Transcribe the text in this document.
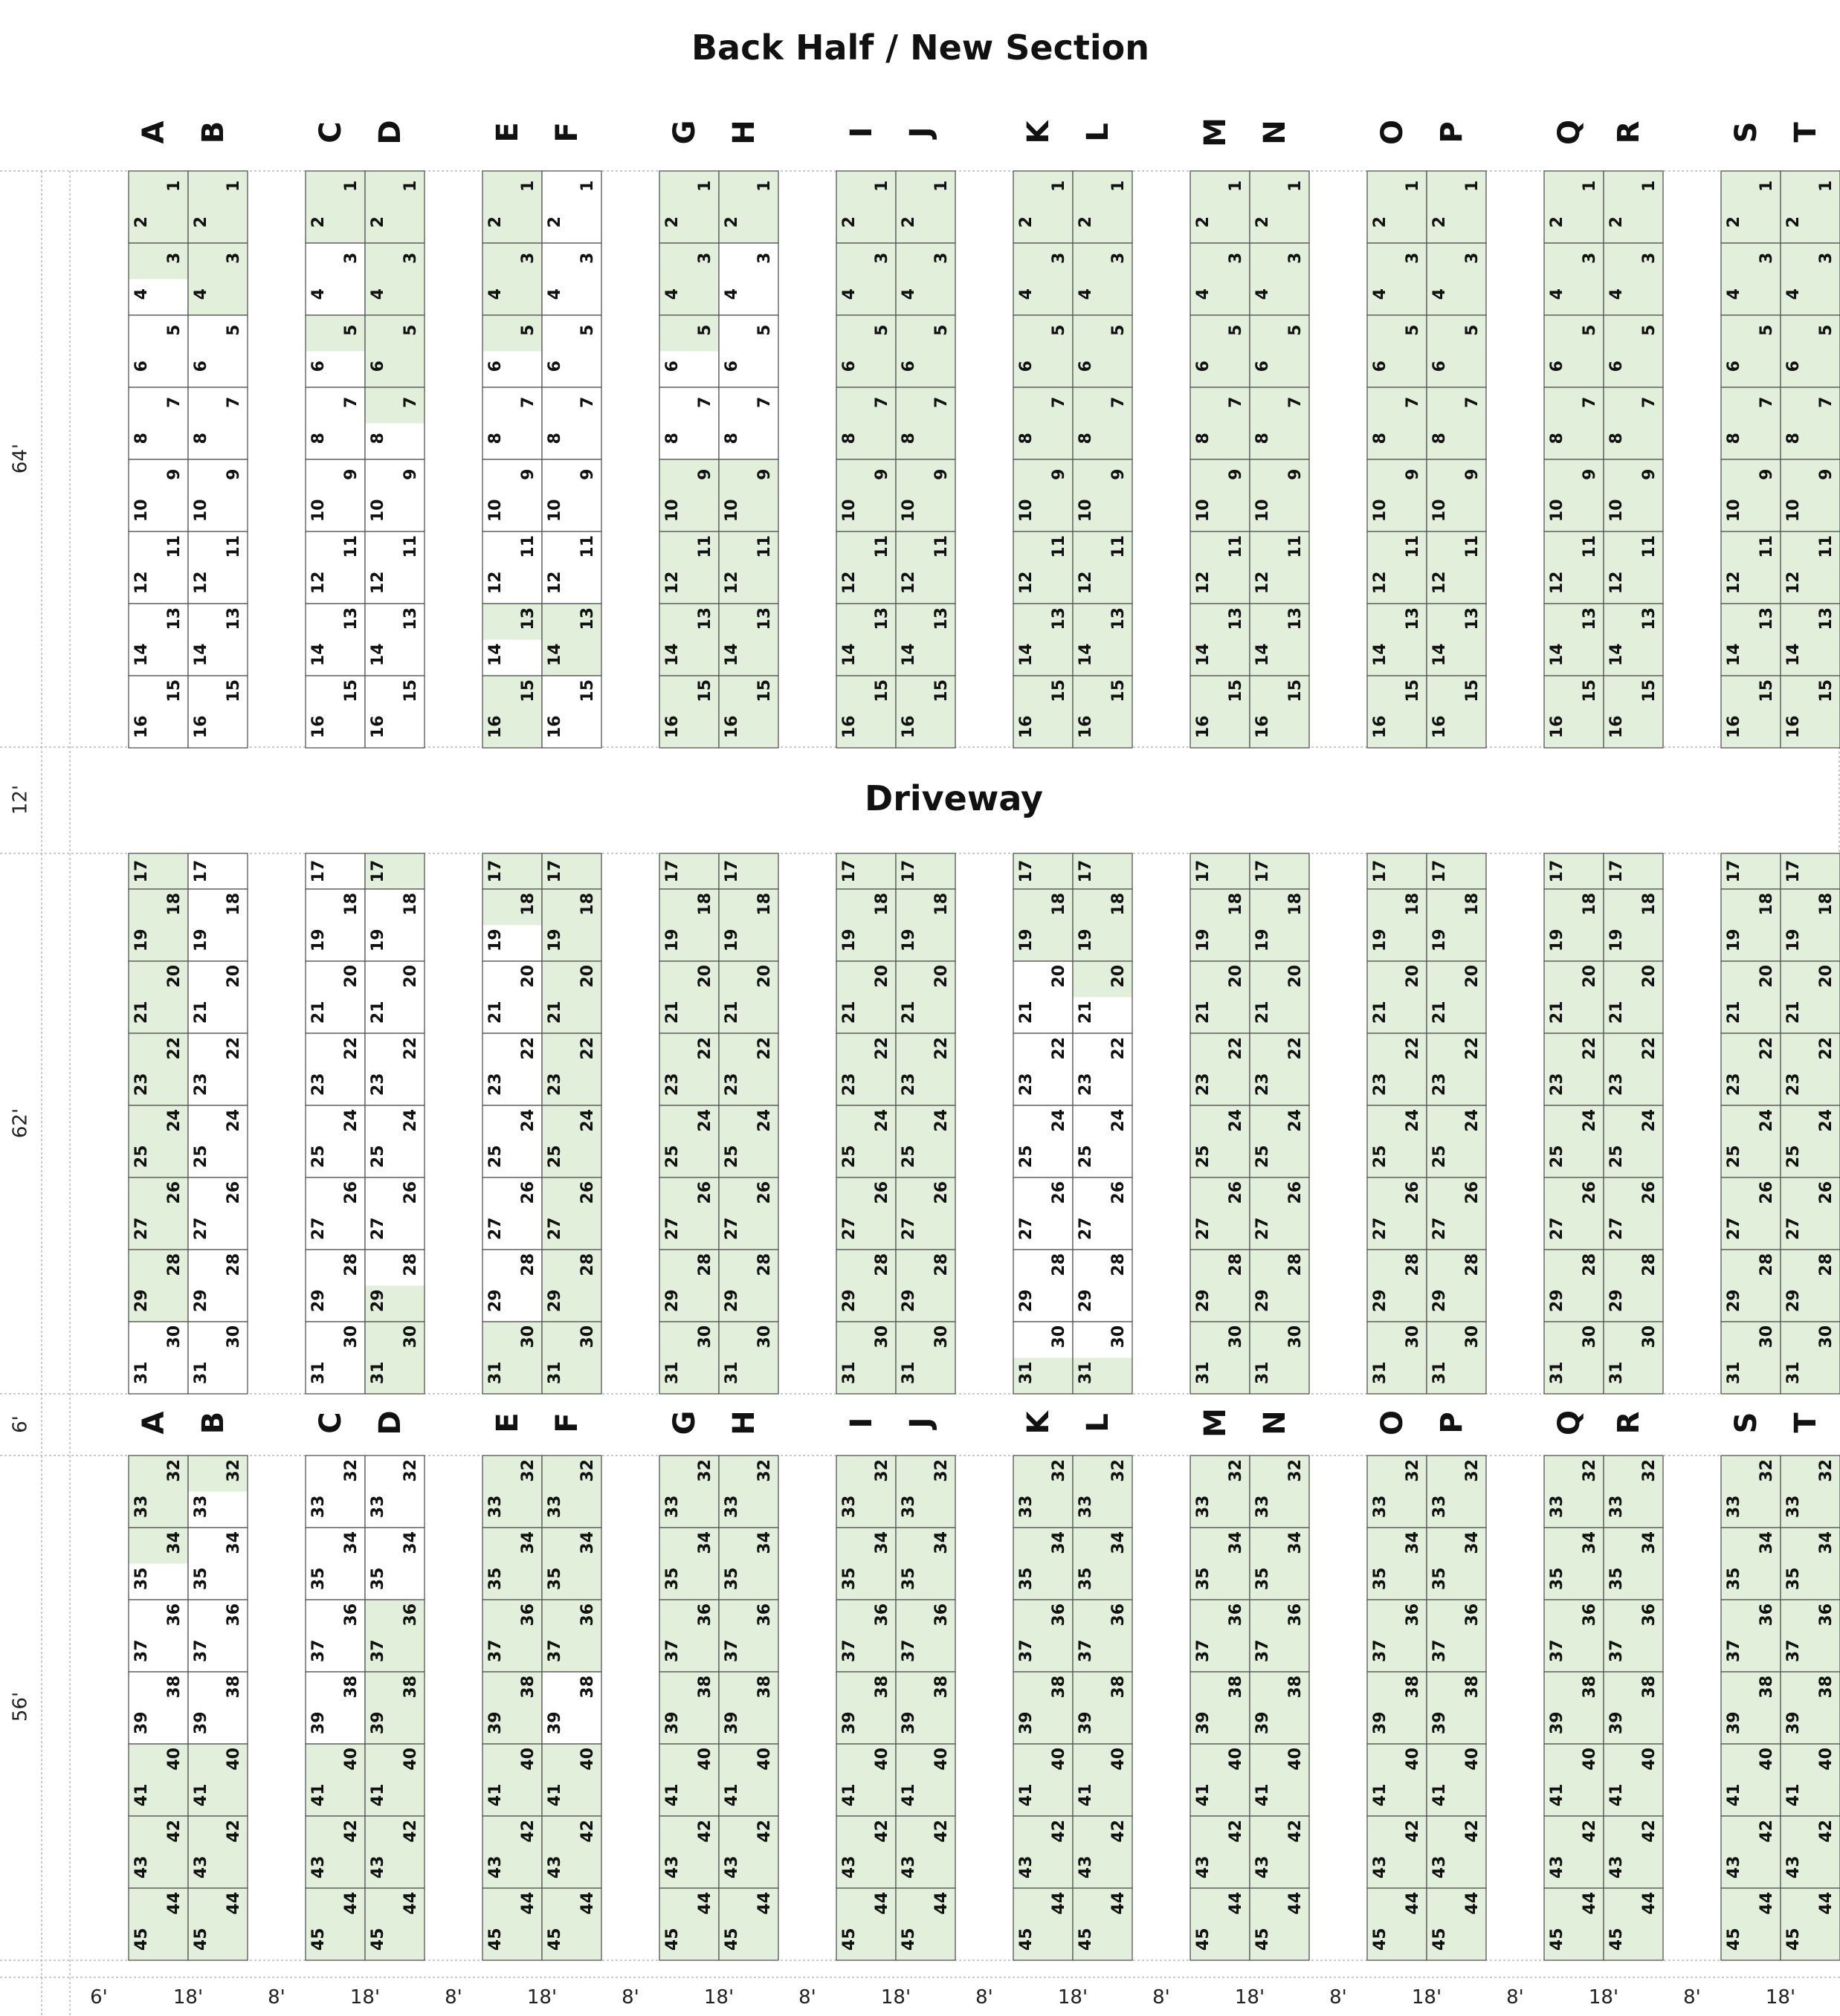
64'
12'
62'
6'
56'
6'	18'	8'	18'	8'	18'	8'	18'	8'	18'	8'	18'	8'	18'	8'	18'	8'	18'	8'	18'
1
2
3
4
5
6
7
8
9
10
11
12
13
14
15
16
17
18
19
20
21
22
23
24
25
26
27
28
29
30
31
32
33
34
35
36
37
38
39
40
41
42
43
44
45
1
2
3
4
5
6
7
8
9
10
11
12
13
14
15
16
17
18
19
20
21
22
23
24
25
26
27
28
29
30
31
32
33
34
35
36
37
38
39
40
41
42
43
44
45
1
2
3
4
5
6
7
8
9
10
11
12
13
14
15
16
17
18
19
20
21
22
23
24
25
26
27
28
29
30
31
32
33
34
35
36
37
38
39
40
41
42
43
44
45
1
2
3
4
5
6
7
8
9
10
11
12
13
14
15
16
17
18
19
20
21
22
23
24
25
26
27
28
29
30
31
32
33
34
35
36
37
38
39
40
41
42
43
44
45
1
2
3
4
5
6
7
8
9
10
11
12
13
14
15
16
17
18
19
20
21
22
23
24
25
26
27
28
29
30
31
32
33
34
35
36
37
38
39
40
41
42
43
44
45
1
2
3
4
5
6
7
8
9
10
11
12
13
14
15
16
17
18
19
20
21
22
23
24
25
26
27
28
29
30
31
32
33
34
35
36
37
38
39
40
41
42
43
44
45
1
2
3
4
5
6
7
8
9
10
11
12
13
14
15
16
17
18
19
20
21
22
23
24
25
26
27
28
29
30
31
32
33
34
35
36
37
38
39
40
41
42
43
44
45
1
2
3
4
5
6
7
8
9
10
11
12
13
14
15
16
17
18
19
20
21
22
23
24
25
26
27
28
29
30
31
32
33
34
35
36
37
38
39
40
41
42
43
44
45
1
2
3
4
5
6
7
8
9
10
11
12
13
14
15
16
17
18
19
20
21
22
23
24
25
26
27
28
29
30
31
32
33
34
35
36
37
38
39
40
41
42
43
44
45
1
2
3
4
5
6
7
8
9
10
11
12
13
14
15
16
17
18
19
20
21
22
23
24
25
26
27
28
29
30
31
32
33
34
35
36
37
38
39
40
41
42
43
44
45
1
2
3
4
5
6
7
8
9
10
11
12
13
14
15
16
17
18
19
20
21
22
23
24
25
26
27
28
29
30
31
32
33
34
35
36
37
38
39
40
41
42
43
44
45
1
2
3
4
5
6
7
8
9
10
11
12
13
14
15
16
17
18
19
20
21
22
23
24
25
26
27
28
29
30
31
32
33
34
35
36
37
38
39
40
41
42
43
44
45
1
2
3
4
5
6
7
8
9
10
11
12
13
14
15
16
17
18
19
20
21
22
23
24
25
26
27
28
29
30
31
32
33
34
35
36
37
38
39
40
41
42
43
44
45
1
2
3
4
5
6
7
8
9
10
11
12
13
14
15
16
17
18
19
20
21
22
23
24
25
26
27
28
29
30
31
32
33
34
35
36
37
38
39
40
41
42
43
44
45
1
2
3
4
5
6
7
8
9
10
11
12
13
14
15
16
17
18
19
20
21
22
23
24
25
26
27
28
29
30
31
32
33
34
35
36
37
38
39
40
41
42
43
44
45
1
2
3
4
5
6
7
8
9
10
11
12
13
14
15
16
17
18
19
20
21
22
23
24
25
26
27
28
29
30
31
32
33
34
35
36
37
38
39
40
41
42
43
44
45
1
2
3
4
5
6
7
8
9
10
11
12
13
14
15
16
17
18
19
20
21
22
23
24
25
26
27
28
29
30
31
32
33
34
35
36
37
38
39
40
41
42
43
44
45
1
2
3
4
5
6
7
8
9
10
11
12
13
14
15
16
17
18
19
20
21
22
23
24
25
26
27
28
29
30
31
32
33
34
35
36
37
38
39
40
41
42
43
44
45
1
2
3
4
5
6
7
8
9
10
11
12
13
14
15
16
17
18
19
20
21
22
23
24
25
26
27
28
29
30
31
32
33
34
35
36
37
38
39
40
41
42
43
44
45
1
2
3
4
5
6
7
8
9
10
11
12
13
14
15
16
17
18
19
20
21
22
23
24
25
26
27
28
29
30
31
32
33
34
35
36
37
38
39
40
41
42
43
44
45
A B	C D	E F	G H	I J	K L	M N	O P	Q R	S T
A B	C D	E F	G H	I J	K L	M N	O P	Q R	S T
Back Half / New Section
Driveway
